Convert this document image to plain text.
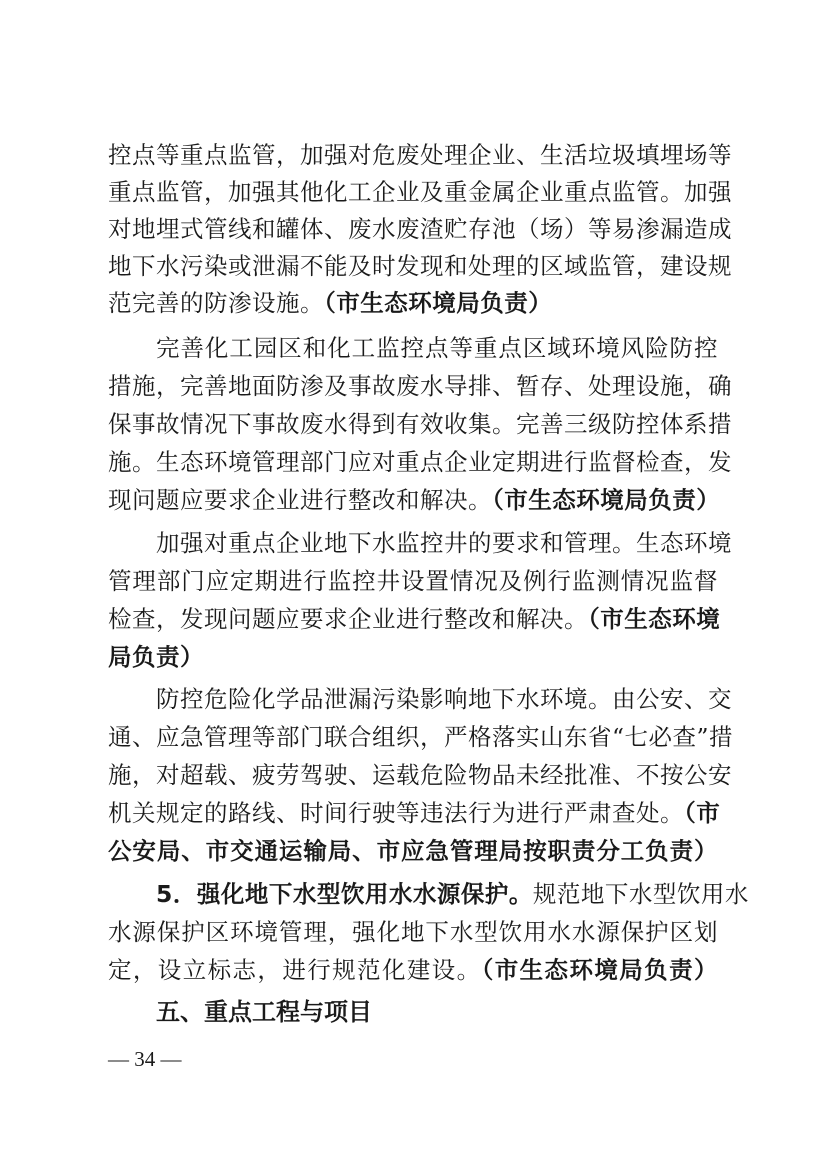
控点等重点监管，加强对危废处理企业、生活垃圾填埋场等
重点监管，加强其他化工企业及重金属企业重点监管。加强
对地埋式管线和罐体、废水废渣贮存池（场）等易渗漏造成
地下水污染或泄漏不能及时发现和处理的区域监管，建设规
范完善的防渗设施。（市生态环境局负责）
完善化工园区和化工监控点等重点区域环境风险防控
措施，完善地面防渗及事故废水导排、暂存、处理设施，确
保事故情况下事故废水得到有效收集。完善三级防控体系措
施。生态环境管理部门应对重点企业定期进行监督检查，发
现问题应要求企业进行整改和解决。（市生态环境局负责）
加强对重点企业地下水监控井的要求和管理。生态环境
管理部门应定期进行监控井设置情况及例行监测情况监督
检查，发现问题应要求企业进行整改和解决。（市生态环境
局负责）
防控危险化学品泄漏污染影响地下水环境。由公安、交
通、应急管理等部门联合组织，严格落实山东省“七必查”措
施，对超载、疲劳驾驶、运载危险物品未经批准、不按公安
机关规定的路线、时间行驶等违法行为进行严肃查处。（市
公安局、市交通运输局、市应急管理局按职责分工负责）
5．强化地下水型饮用水水源保护。规范地下水型饮用水
水源保护区环境管理，强化地下水型饮用水水源保护区划
定，设立标志，进行规范化建设。（市生态环境局负责）
五、重点工程与项目
— 34 —
